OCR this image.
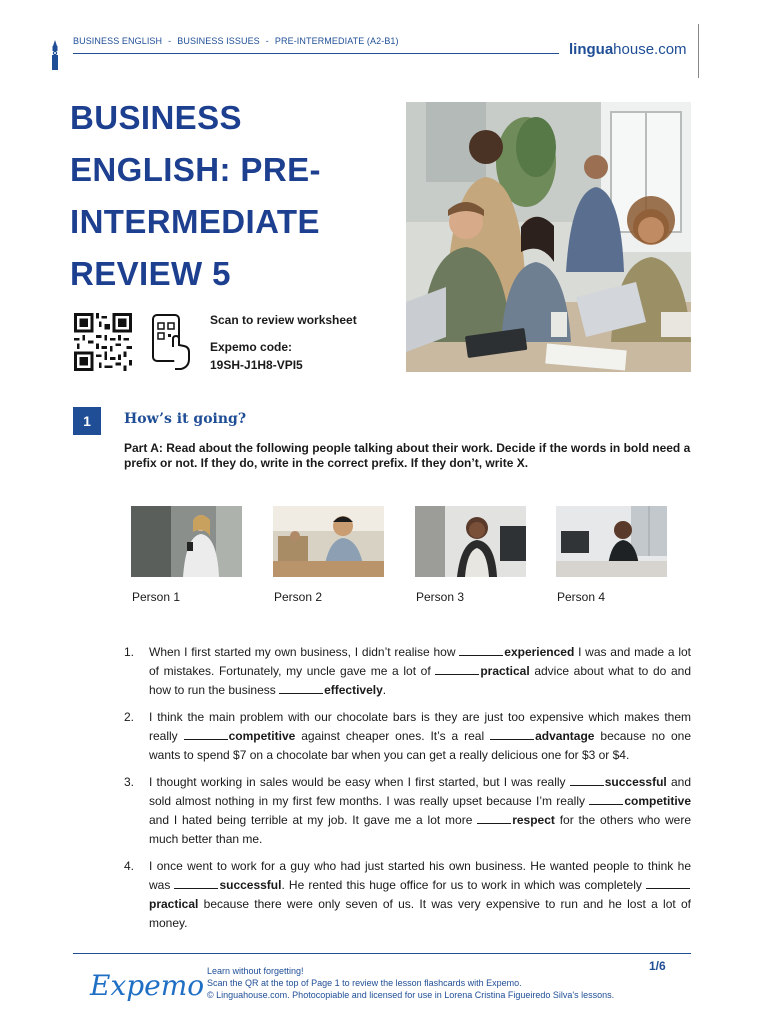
BUSINESS ENGLISH - BUSINESS ISSUES - PRE-INTERMEDIATE (A2-B1)	linguahouse.com
BUSINESS
ENGLISH: PRE-
INTERMEDIATE
REVIEW 5
Scan to review worksheet
Expemo code:
19SH-J1H8-VPI5
1	How’s it going?
Part A: Read about the following people talking about their work. Decide if the words in bold need a prefix or not. If they do, write in the correct prefix. If they don’t, write X.
Person 1	Person 2	Person 3	Person 4
1.	When I first started my own business, I didn’t realise how	experienced I was and made a lot of mistakes. Fortunately, my uncle gave me a lot of	practical advice about what to do and how to run the business	effectively.
2.	I think the main problem with our chocolate bars is they are just too expensive which makes them really	competitive against cheaper ones. It’s a real	advantage because no one wants to spend $7 on a chocolate bar when you can get a really delicious one for $3 or $4.
3.	I thought working in sales would be easy when I first started, but I was really	successful and sold almost nothing in my first few months. I was really upset because I’m really	competitive and I hated being terrible at my job. It gave me a lot more	respect for the others who were much better than me.
4.	I once went to work for a guy who had just started his own business. He wanted people to think he was	successful. He rented this huge office for us to work in which was completely practical because there were only seven of us. It was very expensive to run and he lost a lot of money.
1/6
Expemo Learn without forgetting!
Scan the QR at the top of Page 1 to review the lesson flashcards with Expemo.
© Linguahouse.com. Photocopiable and licensed for use in Lorena Cristina Figueiredo Silva's lessons.
